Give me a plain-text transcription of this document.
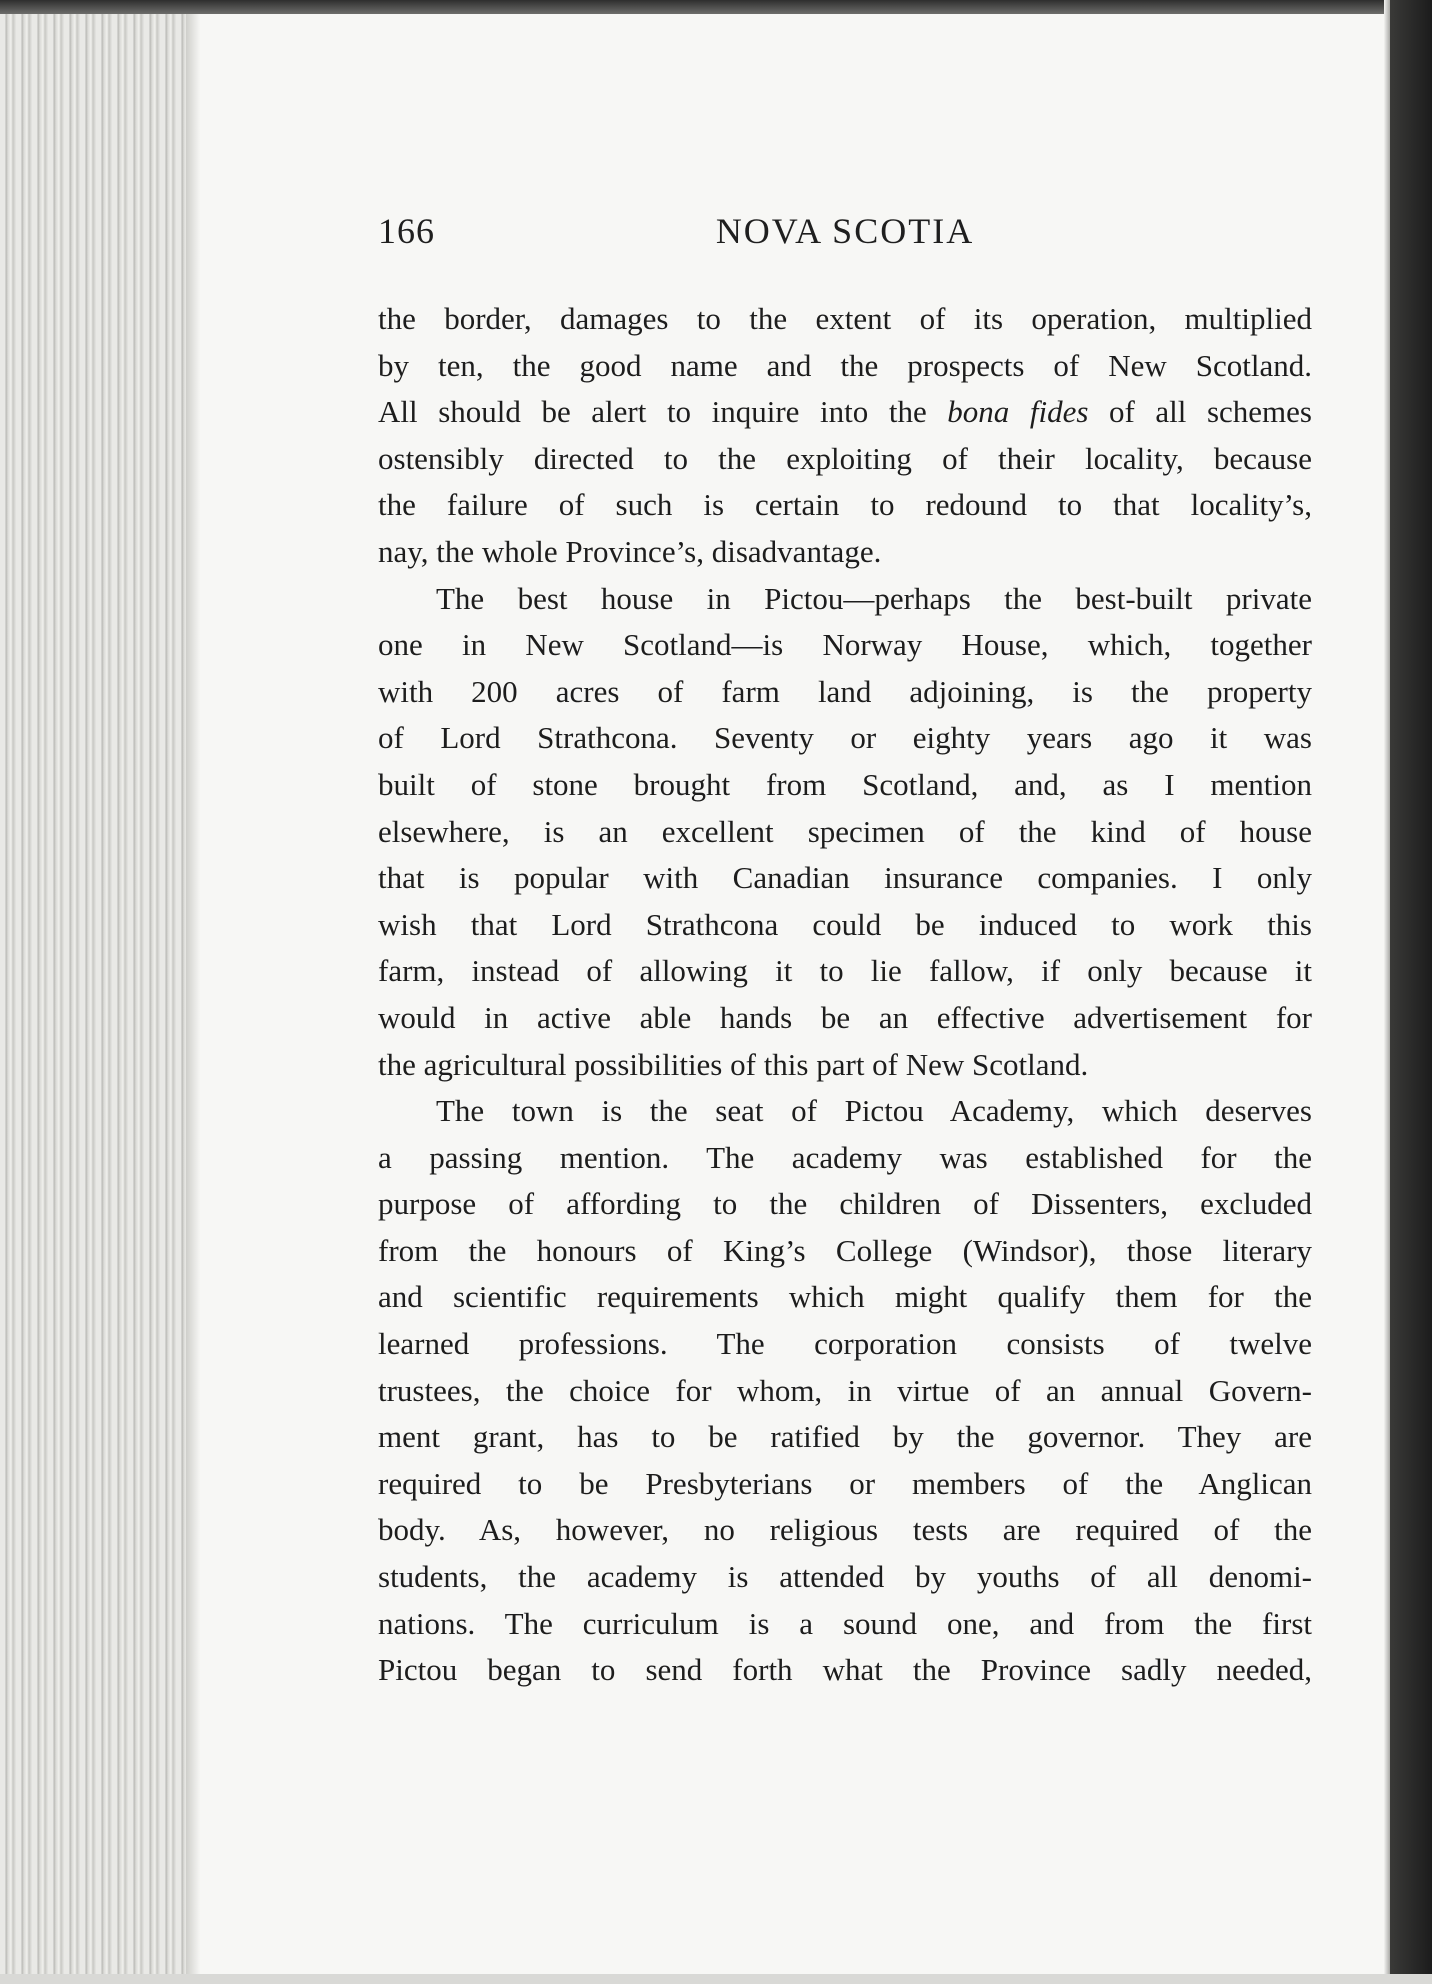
166	NOVA SCOTIA
the border, damages to the extent of its operation, multiplied
by ten, the good name and the prospects of New Scotland.
All should be alert to inquire into the bona fides of all schemes
ostensibly directed to the exploiting of their locality, because
the failure of such is certain to redound to that locality’s,
nay, the whole Province’s, disadvantage.
The best house in Pictou—perhaps the best-built private
one in New Scotland—is Norway House, which, together
with 200 acres of farm land adjoining, is the property
of Lord Strathcona. Seventy or eighty years ago it was
built of stone brought from Scotland, and, as I mention
elsewhere, is an excellent specimen of the kind of house
that is popular with Canadian insurance companies. I only
wish that Lord Strathcona could be induced to work this
farm, instead of allowing it to lie fallow, if only because it
would in active able hands be an effective advertisement for
the agricultural possibilities of this part of New Scotland.
The town is the seat of Pictou Academy, which deserves
a passing mention. The academy was established for the
purpose of affording to the children of Dissenters, excluded
from the honours of King’s College (Windsor), those literary
and scientific requirements which might qualify them for the
learned professions. The corporation consists of twelve
trustees, the choice for whom, in virtue of an annual Govern-
ment grant, has to be ratified by the governor. They are
required to be Presbyterians or members of the Anglican
body. As, however, no religious tests are required of the
students, the academy is attended by youths of all denomi-
nations. The curriculum is a sound one, and from the first
Pictou began to send forth what the Province sadly needed,
